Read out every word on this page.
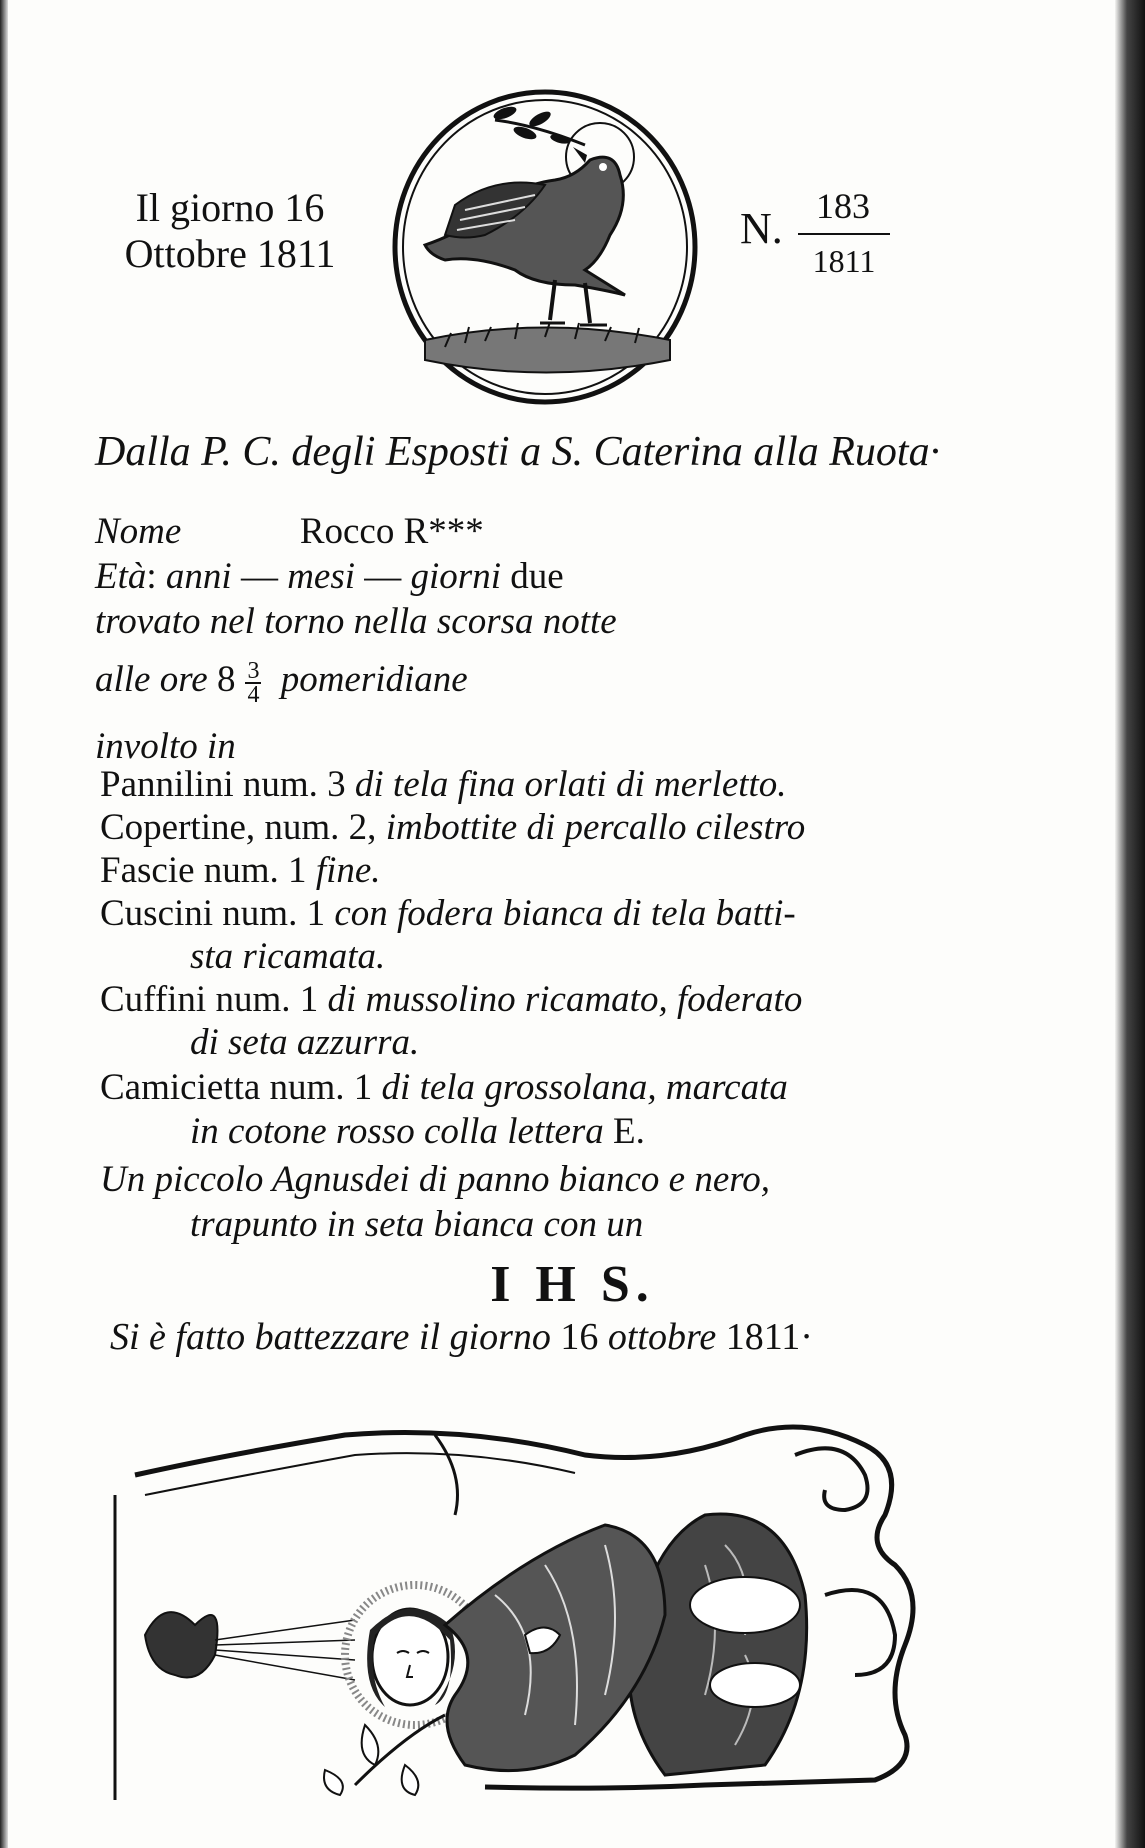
Il giorno 16
Ottobre 1811
N. 183
1811
Dalla P. C. degli Esposti a S. Caterina alla Ruota·
Nome	Rocco R***
Età: anni — mesi — giorni due
trovato nel torno nella scorsa notte
alle ore $8 \frac{3}{4}$ pomeridiane
involto in
Pannilini num. 3 di tela fina orlati di merletto.
Copertine, num. 2, imbottite di percallo cilestro
Fascie num. 1 fine.
Cuscini num. 1 con fodera bianca di tela batti-
sta ricamata.
Cuffini num. 1 di mussolino ricamato, foderato
di seta azzurra.
Camicietta num. 1 di tela grossolana, marcata
in cotone rosso colla lettera E.
Un piccolo Agnusdei di panno bianco e nero,
trapunto in seta bianca con un
I H S.
Si è fatto battezzare il giorno 16 ottobre 1811·
